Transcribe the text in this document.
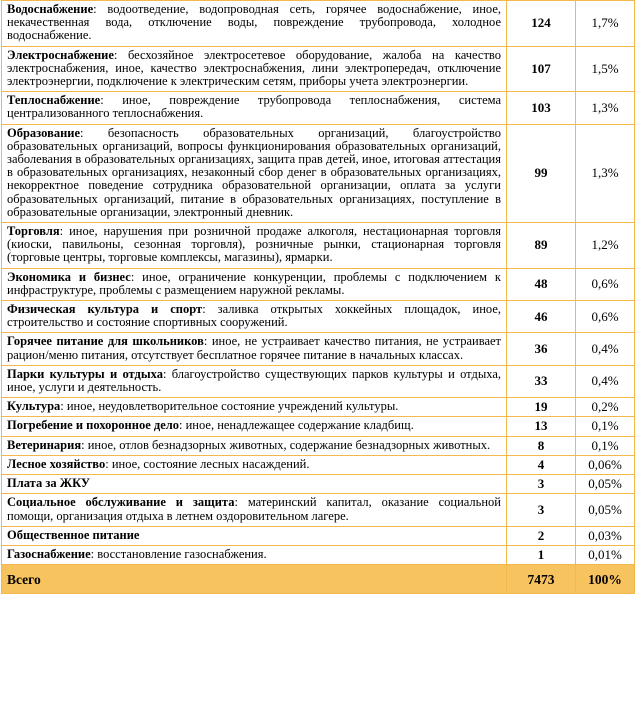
Водоснабжение: водоотведение, водопроводная сеть, горячее водоснабжение, иное, некачественная вода, отключение воды, повреждение трубопровода, холодное водоснабжение.	124	1,7%
Электроснабжение: бесхозяйное электросетевое оборудование, жалоба на качество электроснабжения, иное, качество электроснабжения, лини электропередач, отключение электроэнергии, подключение к электрическим сетям, приборы учета электроэнергии.	107	1,5%
Теплоснабжение: иное, повреждение трубопровода теплоснабжения, система централизованного теплоснабжения.	103	1,3%
Образование: безопасность образовательных организаций, благоустройство образовательных организаций, вопросы функционирования образовательных организаций, заболевания в образовательных организациях, защита прав детей, иное, итоговая аттестация в образовательных организациях, незаконный сбор денег в образовательных организациях, некорректное поведение сотрудника образовательной организации, оплата за услуги образовательных организаций, питание в образовательных организациях, поступление в образовательные организации, электронный дневник.	99	1,3%
Торговля: иное, нарушения при розничной продаже алкоголя, нестационарная торговля (киоски, павильоны, сезонная торговля), розничные рынки, стационарная торговля (торговые центры, торговые комплексы, магазины), ярмарки.	89	1,2%
Экономика и бизнес: иное, ограничение конкуренции, проблемы с подключением к инфраструктуре, проблемы с размещением наружной рекламы.	48	0,6%
Физическая культура и спорт: заливка открытых хоккейных площадок, иное, строительство и состояние спортивных сооружений.	46	0,6%
Горячее питание для школьников: иное, не устраивает качество питания, не устраивает рацион/меню питания, отсутствует бесплатное горячее питание в начальных классах.	36	0,4%
Парки культуры и отдыха: благоустройство существующих парков культуры и отдыха, иное, услуги и деятельность.	33	0,4%
Культура: иное, неудовлетворительное состояние учреждений культуры.	19	0,2%
Погребение и похоронное дело: иное, ненадлежащее содержание кладбищ.	13	0,1%
Ветеринария: иное, отлов безнадзорных животных, содержание безнадзорных животных.	8	0,1%
Лесное хозяйство: иное, состояние лесных насаждений.	4	0,06%
Плата за ЖКУ	3	0,05%
Социальное обслуживание и защита: материнский капитал, оказание социальной помощи, организация отдыха в летнем оздоровительном лагере.	3	0,05%
Общественное питание	2	0,03%
Газоснабжение: восстановление газоснабжения.	1	0,01%
Всего	7473	100%
